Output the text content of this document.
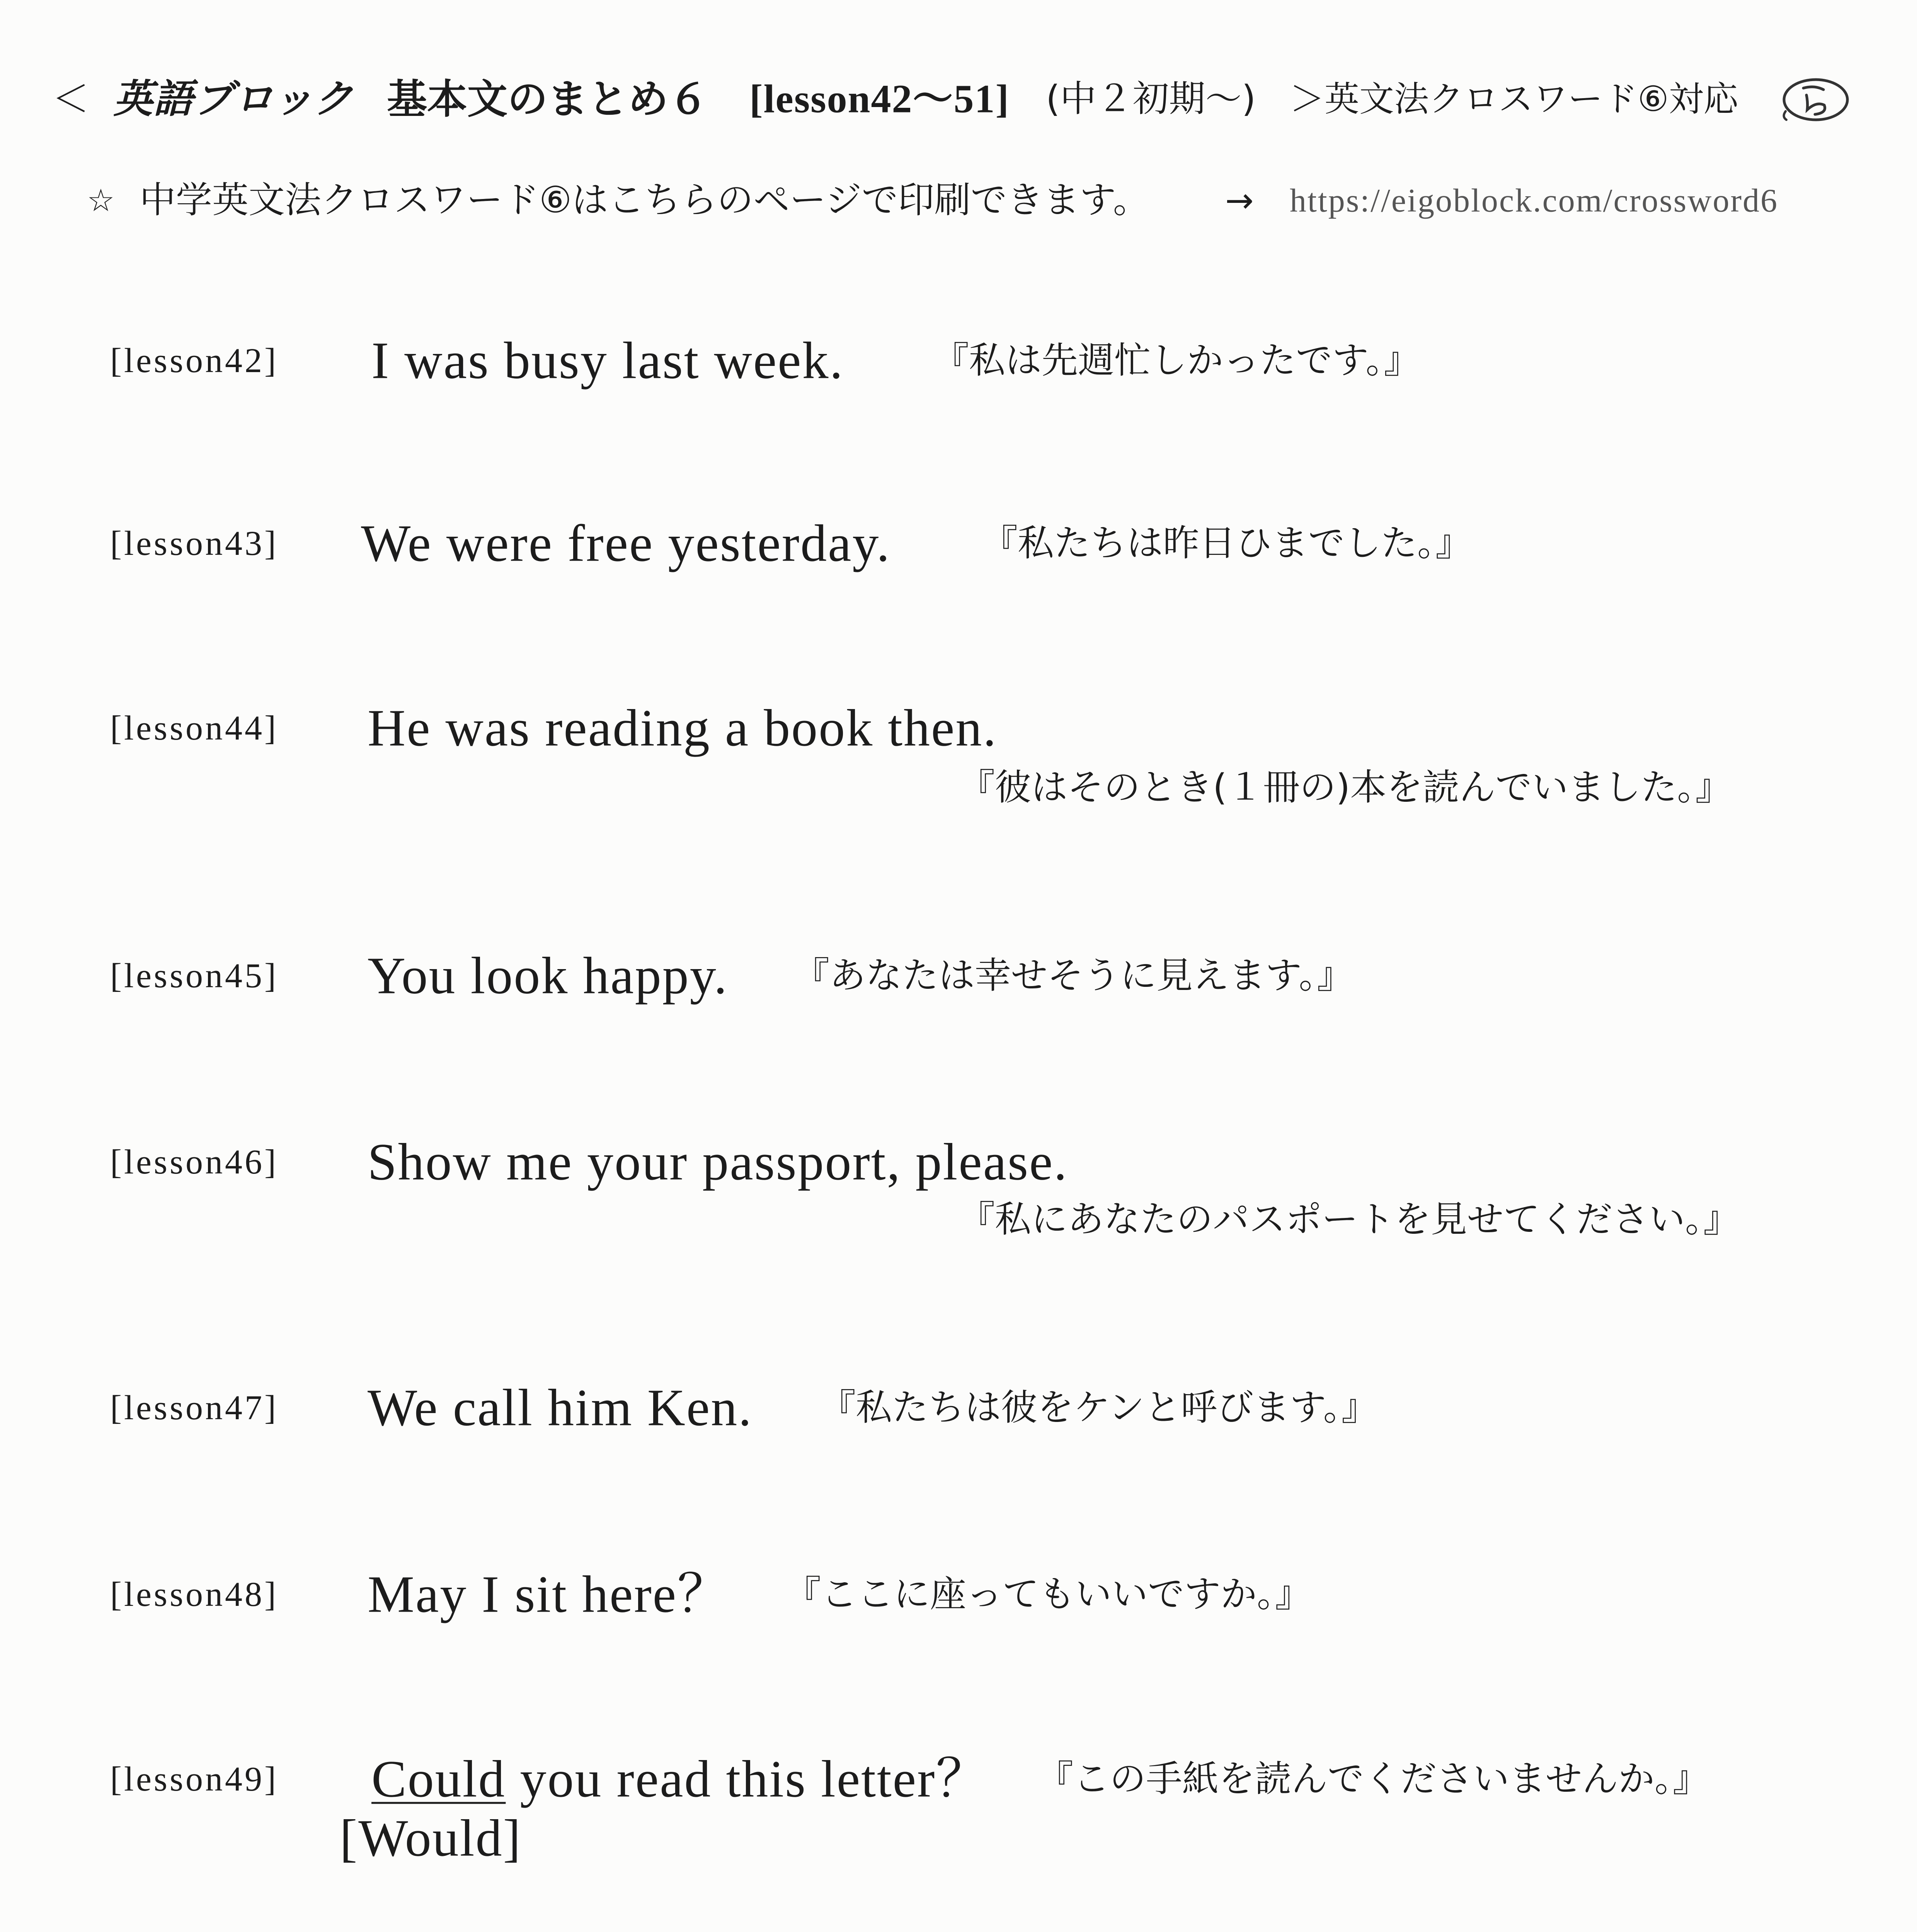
＜ 英語ブロック 基本文のまとめ６ [lesson42〜51] (中２初期〜) ＞英文法クロスワード⑥対応
☆ 中学英文法クロスワード⑥はこちらのページで印刷できます。 → https://eigoblock.com/crossword6
[lesson42] I was busy last week. 『私は先週忙しかったです。』
[lesson43] We were free yesterday. 『私たちは昨日ひまでした。』
[lesson44] He was reading a book then.
『彼はそのとき(１冊の)本を読んでいました。』
[lesson45] You look happy. 『あなたは幸せそうに見えます。』
[lesson46] Show me your passport, please.
『私にあなたのパスポートを見せてください。』
[lesson47] We call him Ken. 『私たちは彼をケンと呼びます。』
[lesson48] May I sit here？ 『ここに座ってもいいですか。』
[lesson49] Could you read this letter？ 『この手紙を読んでくださいませんか。』
[Would]
